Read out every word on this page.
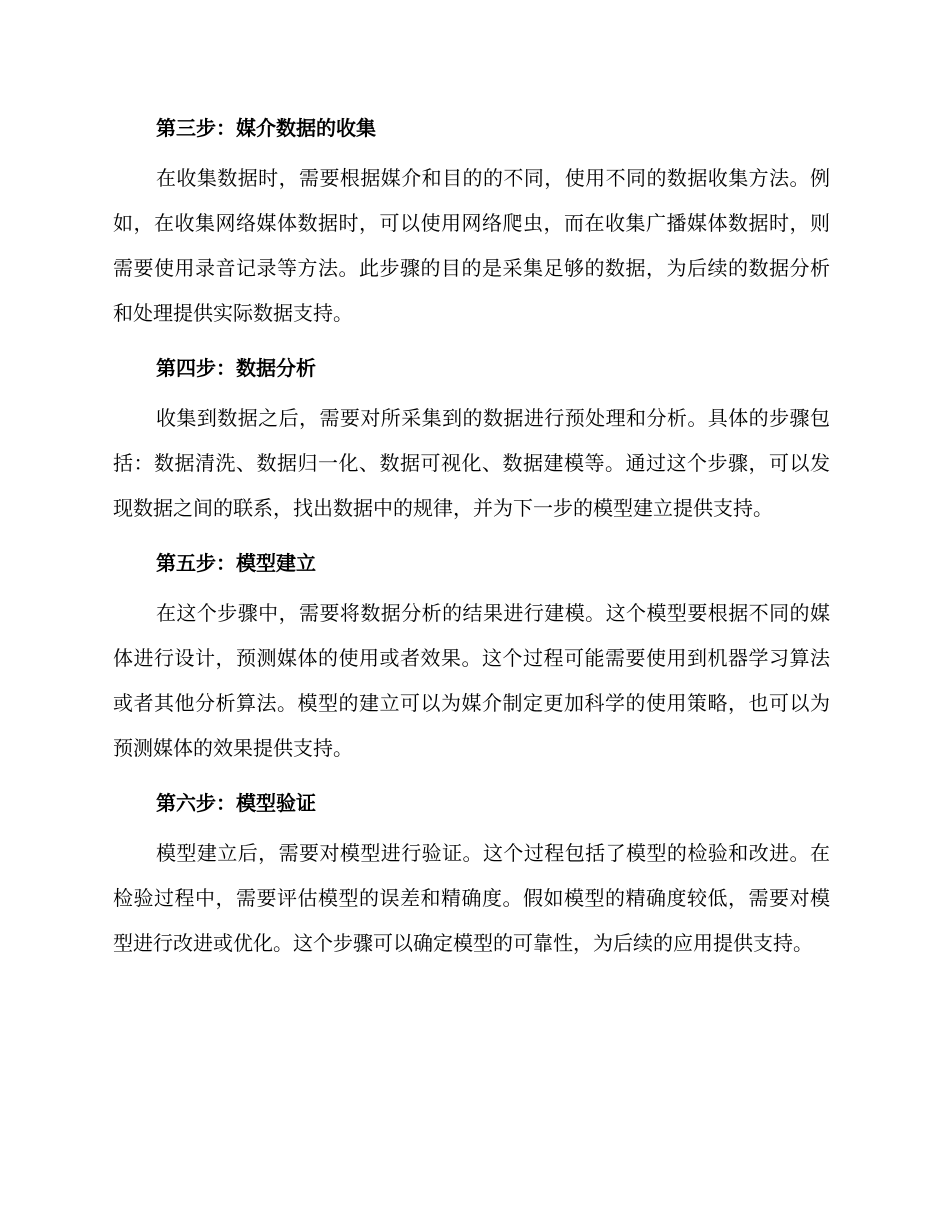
第三步：媒介数据的收集

在收集数据时，需要根据媒介和目的的不同，使用不同的数据收集方法。例如，在收集网络媒体数据时，可以使用网络爬虫，而在收集广播媒体数据时，则需要使用录音记录等方法。此步骤的目的是采集足够的数据，为后续的数据分析和处理提供实际数据支持。

第四步：数据分析

收集到数据之后，需要对所采集到的数据进行预处理和分析。具体的步骤包括：数据清洗、数据归一化、数据可视化、数据建模等。通过这个步骤，可以发现数据之间的联系，找出数据中的规律，并为下一步的模型建立提供支持。

第五步：模型建立

在这个步骤中，需要将数据分析的结果进行建模。这个模型要根据不同的媒体进行设计，预测媒体的使用或者效果。这个过程可能需要使用到机器学习算法或者其他分析算法。模型的建立可以为媒介制定更加科学的使用策略，也可以为预测媒体的效果提供支持。

第六步：模型验证

模型建立后，需要对模型进行验证。这个过程包括了模型的检验和改进。在检验过程中，需要评估模型的误差和精确度。假如模型的精确度较低，需要对模型进行改进或优化。这个步骤可以确定模型的可靠性，为后续的应用提供支持。
